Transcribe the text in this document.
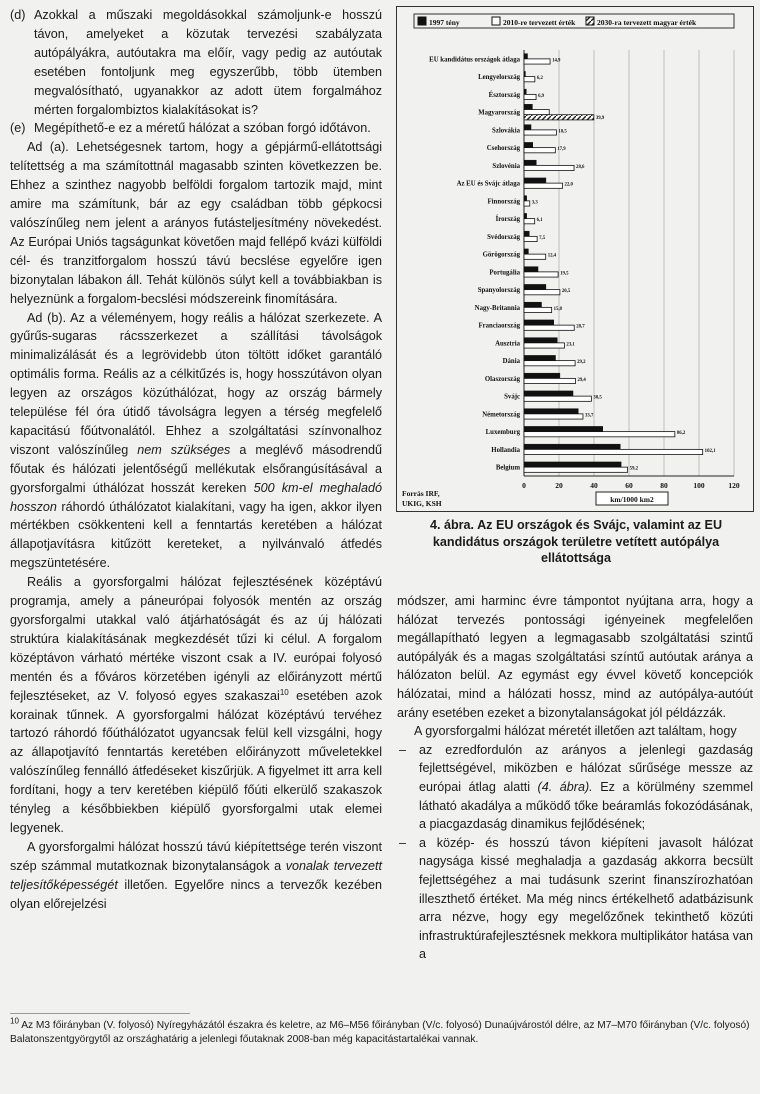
(d) Azokkal a műszaki megoldásokkal számoljunk-e hosszú távon, amelyeket a közutak tervezési szabályzata autópályákra, autóutakra ma előír, vagy pedig az autóutak esetében fontoljunk meg egyszerűbb, több ütemben megvalósítható, ugyanakkor az adott ütem forgalmához mérten forgalombiztos kialakításokat is?
(e) Megépíthető-e ez a méretű hálózat a szóban forgó időtávon.

Ad (a). Lehetségesnek tartom, hogy a gépjármű-ellátottsági telítettség a ma számítottnál magasabb szinten következzen be. Ehhez a szinthez nagyobb belföldi forgalom tartozik majd, mint amire ma számítunk, bár az egy családban több gépkocsi valószínűleg nem jelent a arányos futásteljesítmény növekedést. Az Európai Uniós tagságunkat követően majd fellépő kvázi külföldi cél- és tranzitforgalom hosszú távú becslése egyelőre igen bizonytalan lábakon áll. Tehát különös súlyt kell a továbbiakban is helyeznünk a forgalom-becslési módszereink finomítására.

Ad (b). Az a véleményem, hogy reális a hálózat szerkezete. A gyűrűs-sugaras rácsszerkezet a szállítási távolságok minimalizálását és a legrövidebb úton töltött időket garantáló optimális forma. Reális az a célkitűzés is, hogy hosszútávon olyan legyen az országos közúthálózat, hogy az ország bármely települése fél óra útidő távolságra legyen a térség megfelelő kapacitású főútvonalától. Ehhez a szolgáltatási színvonalhoz viszont valószínűleg nem szükséges a meglévő másodrendű főutak és hálózati jelentőségű mellékutak elsőrangúsításával a gyorsforgalmi úthálózat hosszát kereken 500 km-el meghaladó hosszon ráhordó úthálózatot kialakítani, vagy ha igen, akkor ilyen mértékben csökkenteni kell a fenntartás keretében a hálózat állapotjavításra kitűzött kereteket, a nyilvánvaló átfedés megszüntetésére.

Reális a gyorsforgalmi hálózat fejlesztésének középtávú programja, amely a páneurópai folyosók mentén az ország gyorsforgalmi utakkal való átjárhatóságát és az új hálózati struktúra kialakításának megkezdését tűzi ki célul. A forgalom középtávon várható mértéke viszont csak a IV. európai folyosó mentén és a főváros körzetében igényli az előirányzott mértű fejlesztéseket, az V. folyosó egyes szakaszai$^{10}$ esetében azok korainak tűnnek. A gyorsforgalmi hálózat középtávú tervéhez tartozó ráhordó főúthálózatot ugyancsak felül kell vizsgálni, hogy az állapotjavító fenntartás keretében előirányzott műveletekkel valószínűleg fennálló átfedéseket kiszűrjük. A figyelmet itt arra kell fordítani, hogy a terv keretében kiépülő főúti elkerülő szakaszok tényleg a későbbiekben kiépülő gyorsforgalmi utak elemei legyenek.

A gyorsforgalmi hálózat hosszú távú kiépítettsége terén viszont szép számmal mutatkoznak bizonytalanságok a vonalak tervezett teljesítőképességét illetően. Egyelőre nincs a tervezők kezében olyan előrejelzési

1997 tény	2010-re tervezett érték	2030-ra tervezett magyar érték
0	20	40	60	80	100	120
EU kandidátus országok átlaga	14,9
Lengyelország	6,2
Észtország	6,9
Magyarország
39,9
Szlovákia	18,5
Csehország	17,9
Szlovénia	28,6
Az EU és Svájc átlaga	22,0
Finnország 3,3
Írország	6,1
Svédország	7,5
Görögország	12,4
Portugália	19,5
Spanyolország	20,5
Nagy-Britannia	15,8
Franciaország	28,7
Ausztria	23,1
Dánia	29,2
Olaszország	29,4
Svájc	38,5
Németország	33,7
Luxemburg	86,2
Hollandia	102,1
Belgium	59,2
km/1000 km2
Forrás IRF,
UKIG, KSH
4. ábra. Az EU országok és Svájc, valamint az EU kandidátus országok területre vetített autópálya ellátottsága

módszer, ami harminc évre támpontot nyújtana arra, hogy a hálózat tervezés pontossági igényeinek megfelelően megállapítható legyen a legmagasabb szolgáltatási szintű autópályák és a magas szolgáltatási színtű autóutak aránya a hálózaton belül. Az egymást egy évvel követő koncepciók hálózatai, mind a hálózati hossz, mind az autópálya-autóút arány esetében ezeket a bizonytalanságokat jól példázzák.

A gyorsforgalmi hálózat méretét illetően azt találtam, hogy

–	az ezredfordulón az arányos a jelenlegi gazdaság fejlettségével, miközben e hálózat sűrűsége messze az európai átlag alatti (4. ábra). Ez a körülmény szemmel látható akadálya a működő tőke beáramlás fokozódásának, a piacgazdaság dinamikus fejlődésének;
–	a közép- és hosszú távon kiépíteni javasolt hálózat nagysága kissé meghaladja a gazdaság akkorra becsült fejlettségéhez a mai tudásunk szerint finanszírozhatóan illeszthető értéket. Ma még nincs értékelhető adatbázisunk arra nézve, hogy egy megelőzőnek tekinthető közúti infrastruktúrafejlesztésnek mekkora multiplikátor hatása van a
$^{10}$ Az M3 főirányban (V. folyosó) Nyíregyházától északra és keletre, az M6–M56 főirányban (V/c. folyosó) Dunaújvárostól délre, az M7–M70 főirányban (V/c. folyosó) Balatonszentgyörgytől az országhatárig a jelenlegi főutaknak 2008-ban még kapacitástartalékai vannak.
